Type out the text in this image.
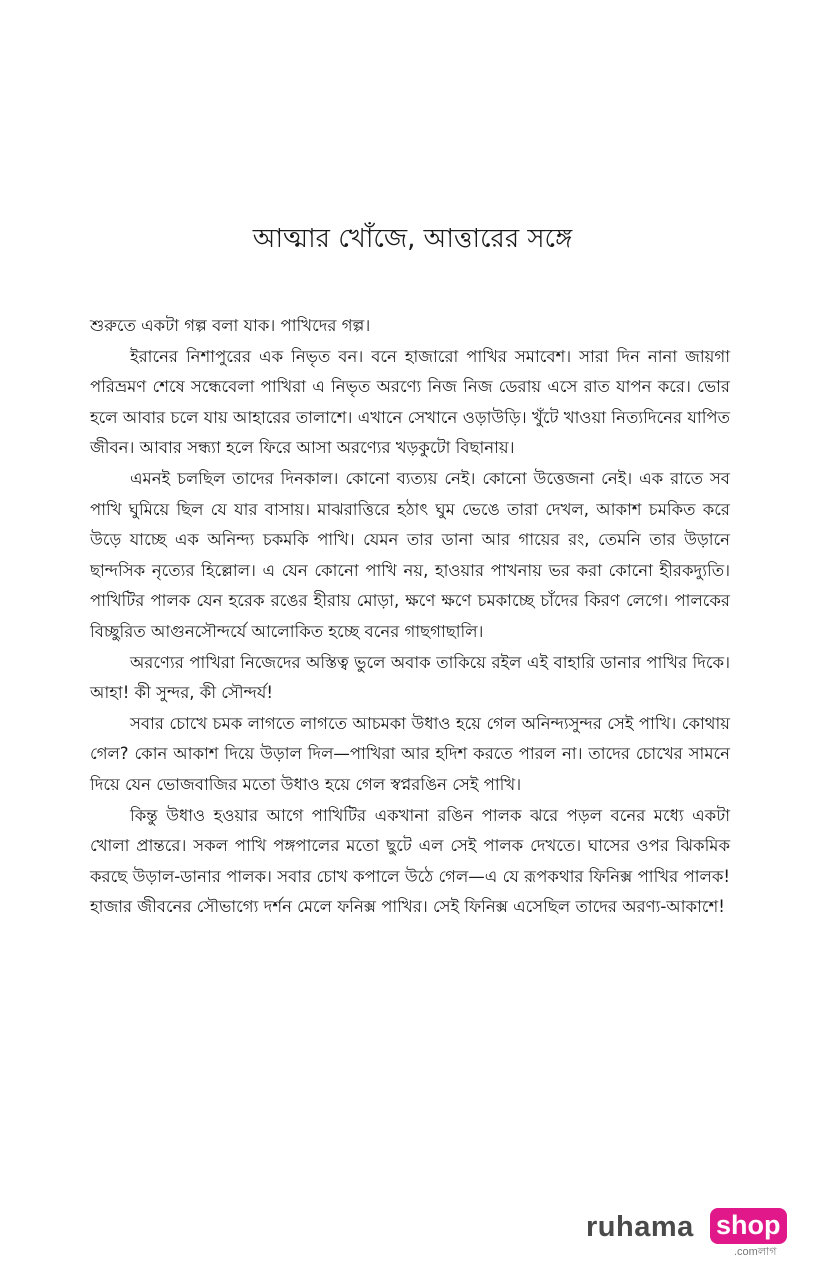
আত্মার খোঁজে, আত্তারের সঙ্গে

শুরুতে একটা গল্প বলা যাক। পাখিদের গল্প।

ইরানের নিশাপুরের এক নিভৃত বন। বনে হাজারো পাখির সমাবেশ। সারা দিন নানা জায়গা পরিভ্রমণ শেষে সন্ধেবেলা পাখিরা এ নিভৃত অরণ্যে নিজ নিজ ডেরায় এসে রাত যাপন করে। ভোর হলে আবার চলে যায় আহারের তালাশে। এখানে সেখানে ওড়াউড়ি। খুঁটে খাওয়া নিত্যদিনের যাপিত জীবন। আবার সন্ধ্যা হলে ফিরে আসা অরণ্যের খড়কুটো বিছানায়।

এমনই চলছিল তাদের দিনকাল। কোনো ব্যত্যয় নেই। কোনো উত্তেজনা নেই। এক রাতে সব পাখি ঘুমিয়ে ছিল যে যার বাসায়। মাঝরাত্তিরে হঠাৎ ঘুম ভেঙে তারা দেখল, আকাশ চমকিত করে উড়ে যাচ্ছে এক অনিন্দ্য চকমকি পাখি। যেমন তার ডানা আর গায়ের রং, তেমনি তার উড়ানে ছান্দসিক নৃত্যের হিল্লোল। এ যেন কোনো পাখি নয়, হাওয়ার পাখনায় ভর করা কোনো হীরকদ্যুতি। পাখিটির পালক যেন হরেক রঙের হীরায় মোড়া, ক্ষণে ক্ষণে চমকাচ্ছে চাঁদের কিরণ লেগে। পালকের বিচ্ছুরিত আগুনসৌন্দর্যে আলোকিত হচ্ছে বনের গাছগাছালি।

অরণ্যের পাখিরা নিজেদের অস্তিত্ব ভুলে অবাক তাকিয়ে রইল এই বাহারি ডানার পাখির দিকে। আহা! কী সুন্দর, কী সৌন্দর্য!

সবার চোখে চমক লাগতে লাগতে আচমকা উধাও হয়ে গেল অনিন্দ্যসুন্দর সেই পাখি। কোথায় গেল? কোন আকাশ দিয়ে উড়াল দিল—পাখিরা আর হদিশ করতে পারল না। তাদের চোখের সামনে দিয়ে যেন ভোজবাজির মতো উধাও হয়ে গেল স্বপ্নরঙিন সেই পাখি।

কিন্তু উধাও হওয়ার আগে পাখিটির একখানা রঙিন পালক ঝরে পড়ল বনের মধ্যে একটা খোলা প্রান্তরে। সকল পাখি পঙ্গপালের মতো ছুটে এল সেই পালক দেখতে। ঘাসের ওপর ঝিকমিক করছে উড়াল-ডানার পালক। সবার চোখ কপালে উঠে গেল—এ যে রূপকথার ফিনিক্স পাখির পালক! হাজার জীবনের সৌভাগ্যে দর্শন মেলে ফনিক্স পাখির। সেই ফিনিক্স এসেছিল তাদের অরণ্য-আকাশে!

ruhama shop
.comলাগ
